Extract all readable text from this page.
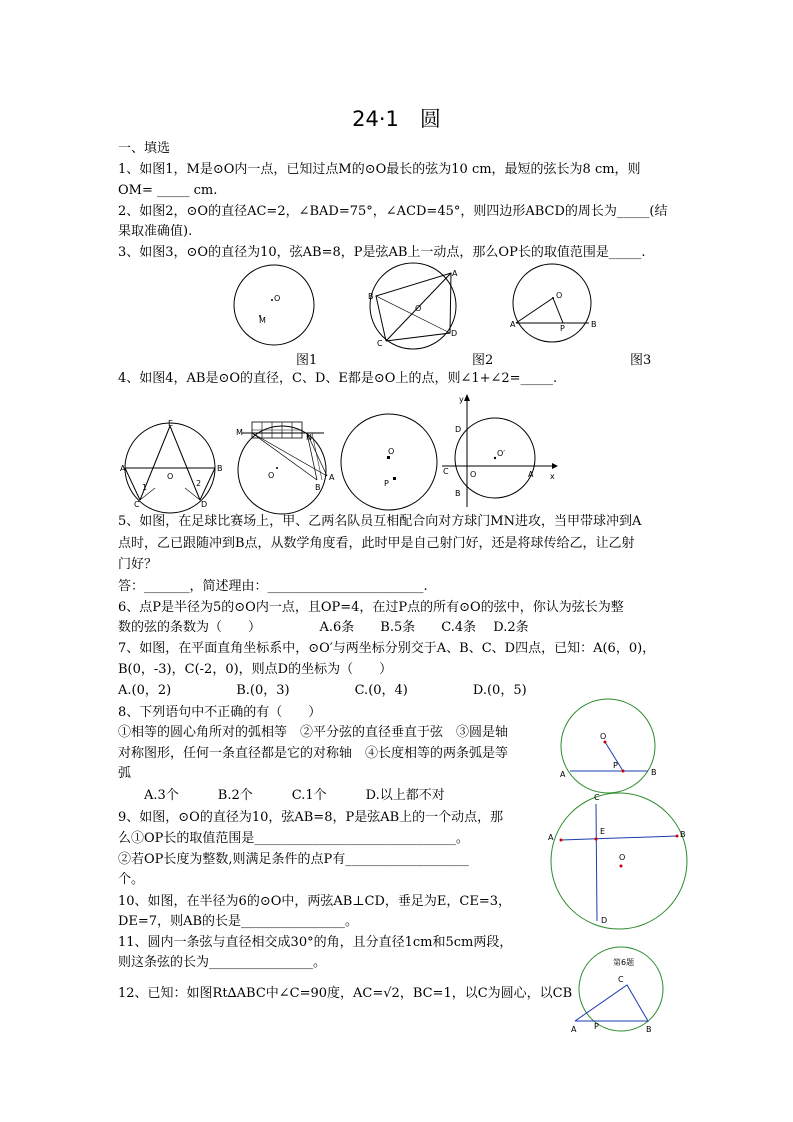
24·1　圆
一、填选
1、如图1，M是⊙O内一点，已知过点M的⊙O最长的弦为10 cm，最短的弦长为8 cm，则
OM= _____ cm.
2、如图2，⊙O的直径AC=2，∠BAD=75°，∠ACD=45°，则四边形ABCD的周长为_____(结
果取准确值).
3、如图3，⊙O的直径为10，弦AB=8，P是弦AB上一动点，那么OP长的取值范围是_____.
O
M
A
B
C
D
O
O
A	B
P
图1	图2	图3
4、如图4，AB是⊙O的直径，C、D、E都是⊙O上的点，则∠1+∠2=_____.
E
A	B
O
C	D
1	2
M
N
O
B
A
O
P
y
x
O′
D
C	O	A
B
5、如图，在足球比赛场上，甲、乙两名队员互相配合向对方球门MN进攻，当甲带球冲到A
点时，乙已跟随冲到B点，从数学角度看，此时甲是自己射门好，还是将球传给乙，让乙射
门好？
答：_______，简述理由：________________________.
6、点P是半径为5的⊙O内一点，且OP=4，在过P点的所有⊙O的弦中，你认为弦长为整
数的弦的条数为（　　）　　　　　A.6条　　B.5条　　C.4条　 D.2条
7、如图，在平面直角坐标系中，⊙O′与两坐标分别交于A、B、C、D四点，已知：A(6，0)，
B(0，-3)，C(-2，0)，则点D的坐标为（　　）
A.(0，2)　　　　　B.(0，3)　　　　　C.(0，4)　　　　　D.(0，5)
8、下列语句中不正确的有（　　）
①相等的圆心角所对的弧相等　②平分弦的直径垂直于弦　③圆是轴
对称图形，任何一条直径都是它的对称轴　④长度相等的两条弧是等
弧
　　A.3个　　　B.2个　　　C.1个　　　D.以上都不对
9、如图，⊙O的直径为10，弦AB=8，P是弦AB上的一个动点，那
么①OP长的取值范围是_______________________________。
②若OP长度为整数,则满足条件的点P有___________________
个。
10、如图，在半径为6的⊙O中，两弦AB⊥CD，垂足为E，CE=3，
DE=7，则AB的长是________________。
11、圆内一条弦与直径相交成30°的角，且分直径1cm和5cm两段，
则这条弦的长为________________。
12、已知：如图Rt∆ABC中∠C=90度，AC=√2，BC=1，以C为圆心，以CB
O
A	B
P
C
A	B
E
O
D
第6题
C
A P	B
